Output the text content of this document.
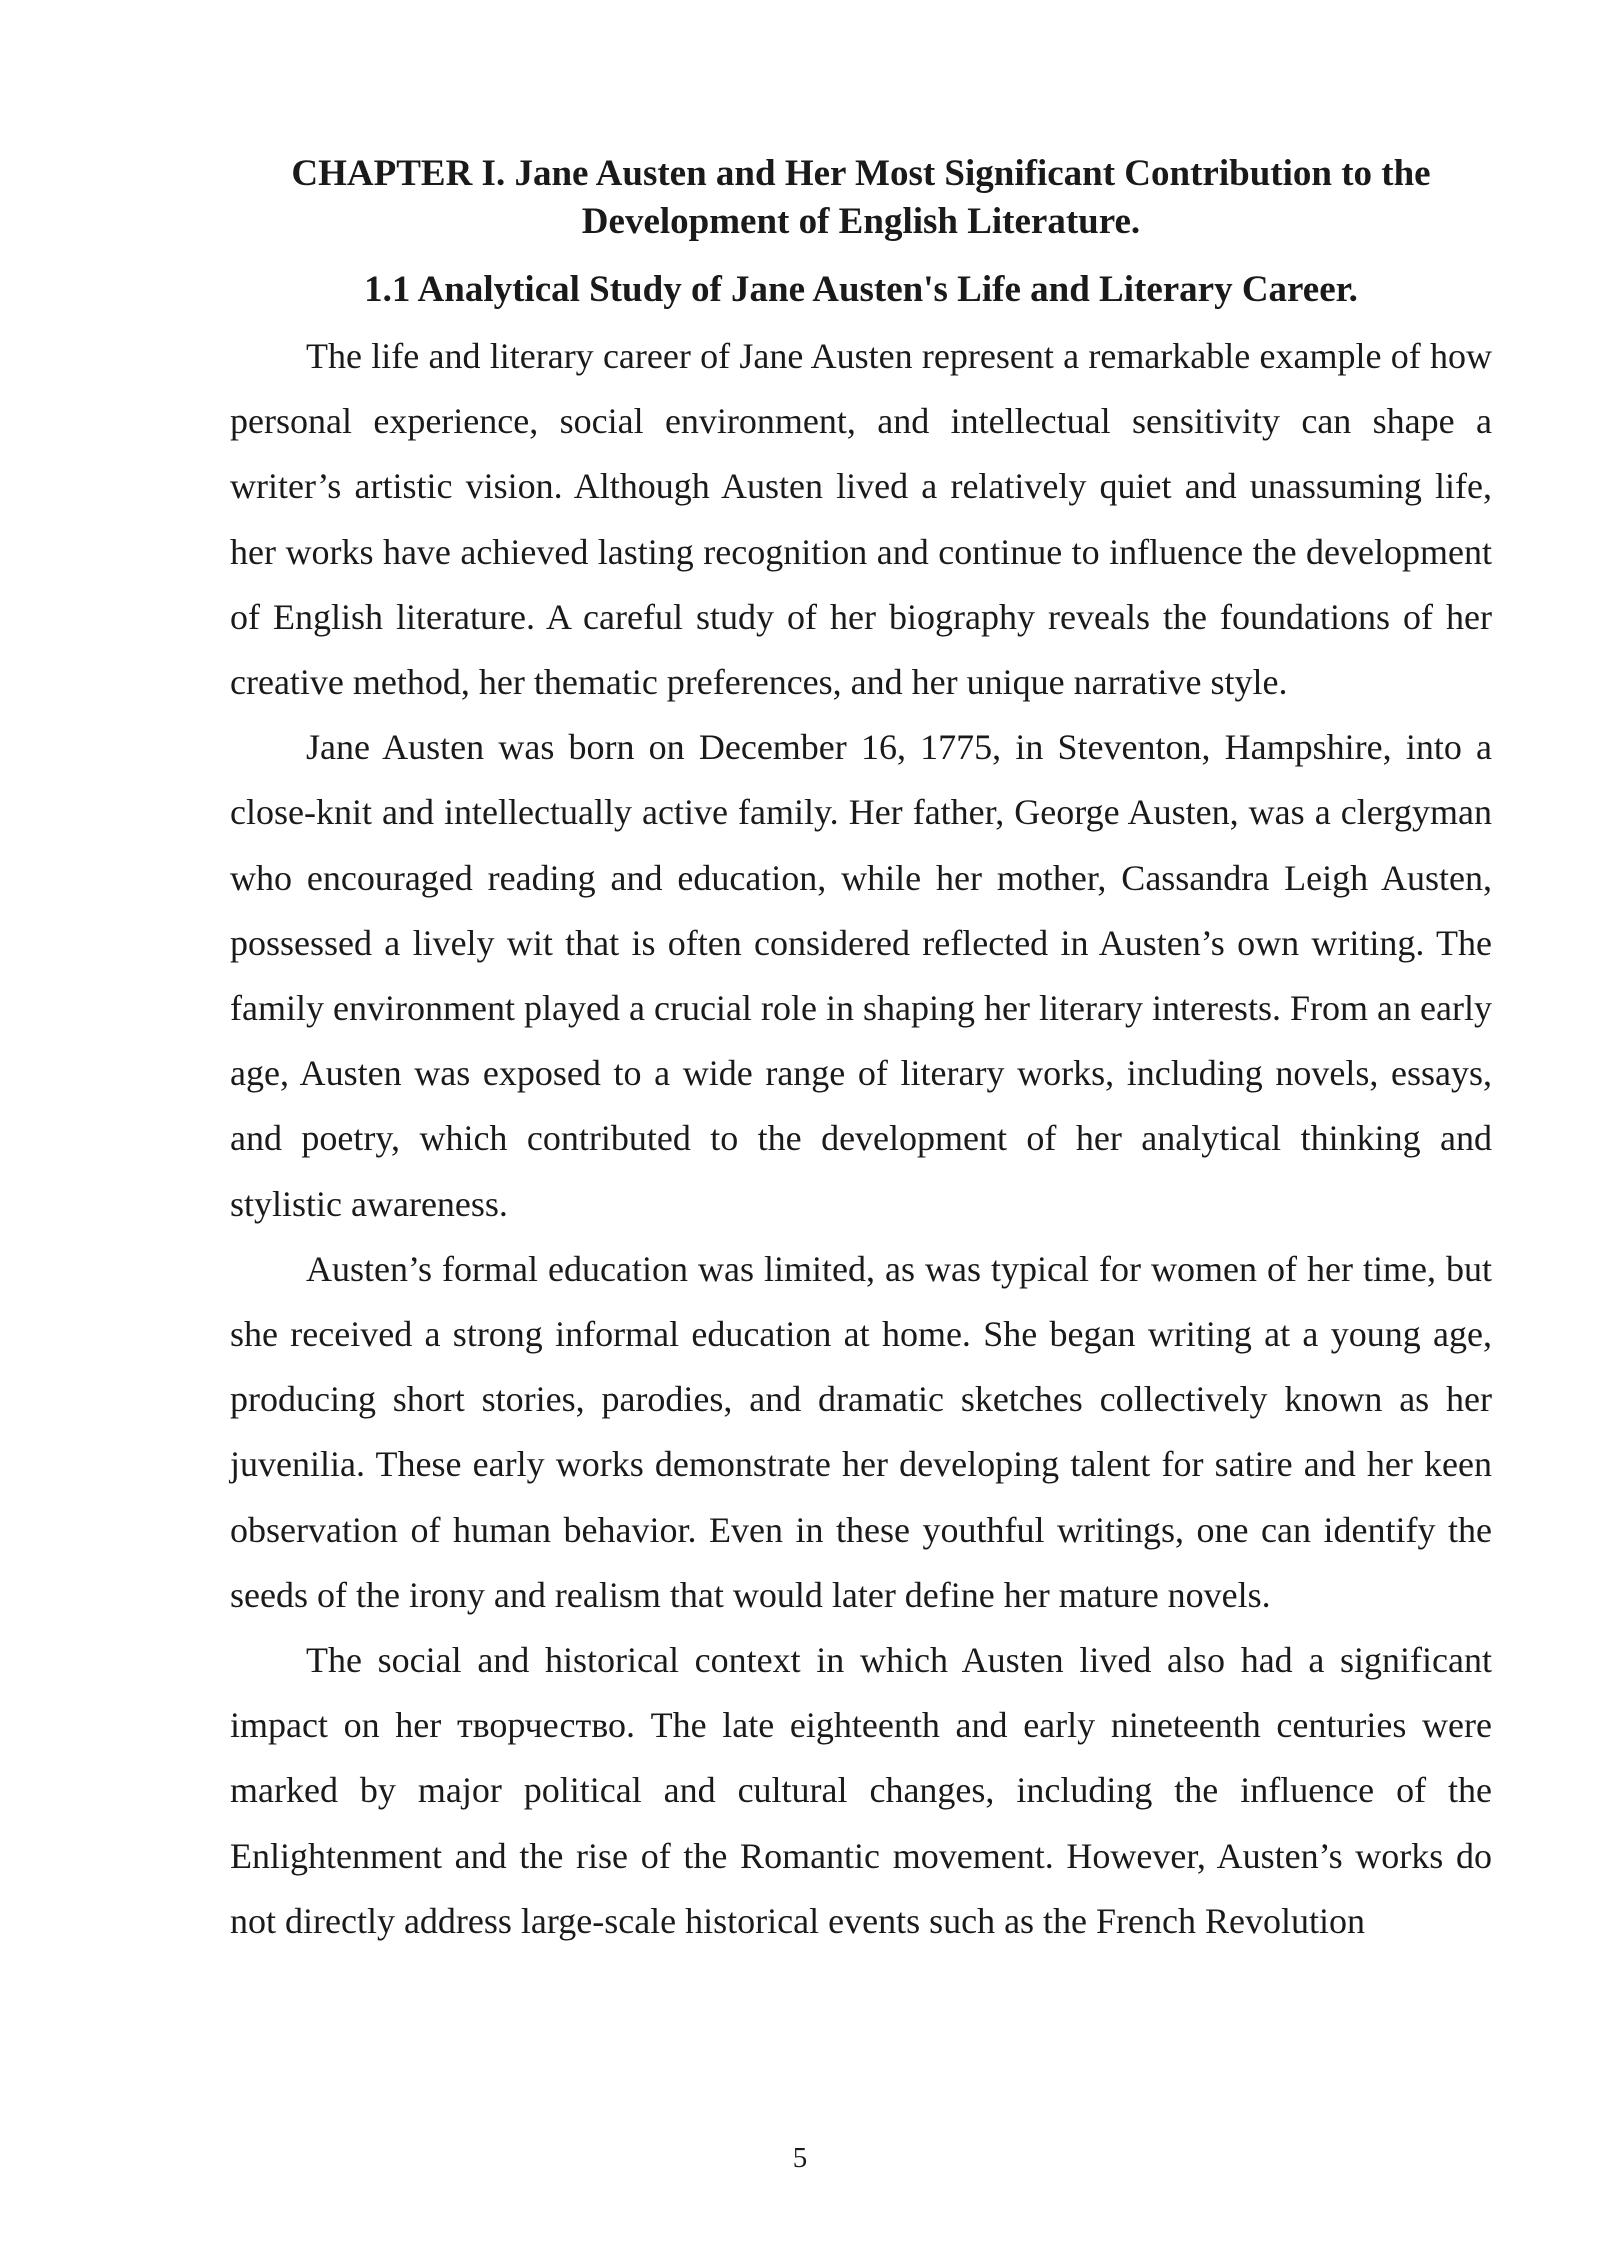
CHAPTER I. Jane Austen and Her Most Significant Contribution to the
Development of English Literature.
1.1 Analytical Study of Jane Austen's Life and Literary Career.

The life and literary career of Jane Austen represent a remarkable example of how personal experience, social environment, and intellectual sensitivity can shape a writer’s artistic vision. Although Austen lived a relatively quiet and unassuming life, her works have achieved lasting recognition and continue to influence the development of English literature. A careful study of her biography reveals the foundations of her creative method, her thematic preferences, and her unique narrative style.

Jane Austen was born on December 16, 1775, in Steventon, Hampshire, into a close-knit and intellectually active family. Her father, George Austen, was a clergyman who encouraged reading and education, while her mother, Cassandra Leigh Austen, possessed a lively wit that is often considered reflected in Austen’s own writing. The family environment played a crucial role in shaping her literary interests. From an early age, Austen was exposed to a wide range of literary works, including novels, essays, and poetry, which contributed to the development of her analytical thinking and stylistic awareness.

Austen’s formal education was limited, as was typical for women of her time, but she received a strong informal education at home. She began writing at a young age, producing short stories, parodies, and dramatic sketches collectively known as her juvenilia. These early works demonstrate her developing talent for satire and her keen observation of human behavior. Even in these youthful writings, one can identify the seeds of the irony and realism that would later define her mature novels.

The social and historical context in which Austen lived also had a significant impact on her творчество. The late eighteenth and early nineteenth centuries were marked by major political and cultural changes, including the influence of the Enlightenment and the rise of the Romantic movement. However, Austen’s works do not directly address large-scale historical events such as the French Revolution

5
